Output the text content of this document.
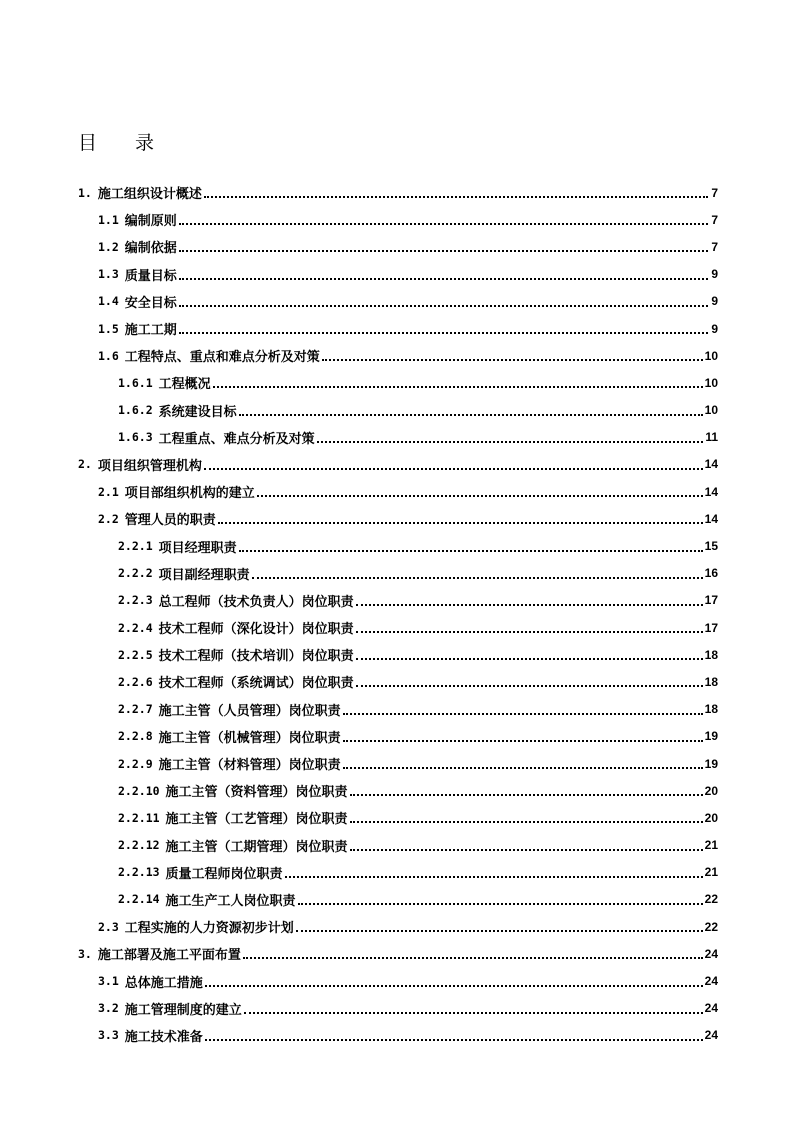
目 录
1. 施工组织设计概述	7
1.1 编制原则	7
1.2 编制依据	7
1.3 质量目标	9
1.4 安全目标	9
1.5 施工工期	9
1.6 工程特点、重点和难点分析及对策	10
1.6.1 工程概况	10
1.6.2 系统建设目标	10
1.6.3 工程重点、难点分析及对策	11
2. 项目组织管理机构	14
2.1 项目部组织机构的建立	14
2.2 管理人员的职责	14
2.2.1 项目经理职责	15
2.2.2 项目副经理职责	16
2.2.3 总工程师（技术负责人）岗位职责	17
2.2.4 技术工程师（深化设计）岗位职责	17
2.2.5 技术工程师（技术培训）岗位职责	18
2.2.6 技术工程师（系统调试）岗位职责	18
2.2.7 施工主管（人员管理）岗位职责	18
2.2.8 施工主管（机械管理）岗位职责	19
2.2.9 施工主管（材料管理）岗位职责	19
2.2.10 施工主管（资料管理）岗位职责	20
2.2.11 施工主管（工艺管理）岗位职责	20
2.2.12 施工主管（工期管理）岗位职责	21
2.2.13 质量工程师岗位职责	21
2.2.14 施工生产工人岗位职责	22
2.3 工程实施的人力资源初步计划	22
3. 施工部署及施工平面布置	24
3.1 总体施工措施	24
3.2 施工管理制度的建立	24
3.3 施工技术准备	24
